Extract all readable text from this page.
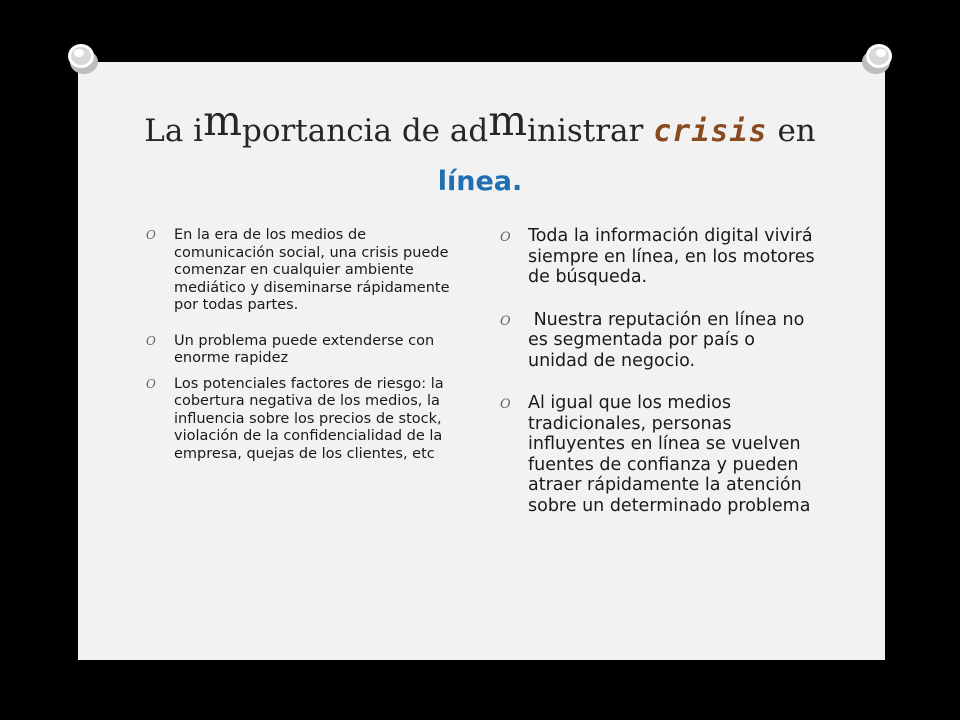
La importancia de administrar crisis en
línea.
O En la era de los medios de comunicación social, una crisis puede comenzar en cualquier ambiente mediático y diseminarse rápidamente por todas partes.
O Un problema puede extenderse con enorme rapidez
O Los potenciales factores de riesgo: la cobertura negativa de los medios, la influencia sobre los precios de stock, violación de la confidencialidad de la empresa, quejas de los clientes, etc
O Toda la información digital vivirá siempre en línea, en los motores de búsqueda.
O Nuestra reputación en línea no es segmentada por país o unidad de negocio.
O Al igual que los medios tradicionales, personas influyentes en línea se vuelven fuentes de confianza y pueden atraer rápidamente la atención sobre un determinado problema
